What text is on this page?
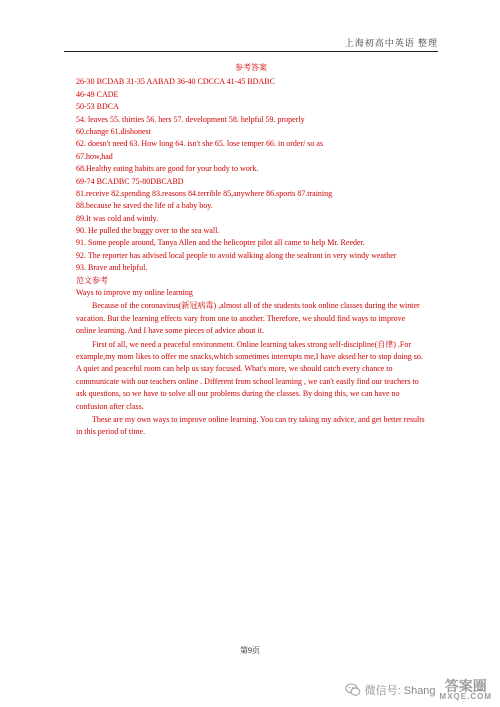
上海初高中英语 整理
参考答案
26-30 BCDAB 31-35 AABAD 36-40 CDCCA 41-45 BDABC
46-49 CADE
50-53 BDCA
54. leaves 55. thirties 56. hers 57. development 58. helpful 59. properly
60.change 61.dishonest
62. doesn't need 63. How long 64. isn't she 65. lose temper 66. in order/ so as
67.how,had
68.Healthy eating habits are good for your body to work.
69-74 BCADBC 75-80DBCABD
81.receive 82.spending 83.reasons 84.terrible 85,anywhere 86.sports 87.training
88.because he saved the life of a baby boy.
89.It was cold and windy.
90. He pulled the buggy over to the sea wall.
91. Some people around, Tanya Allen and the helicopter pilot all came to help Mr. Reeder.
92. The reporter has advised local people to avoid walking along the seafront in very windy weather
93. Brave and helpful.
范文参考
Ways to improve my online learning
Because of the coronavirus(新冠病毒) ,almost all of the students took online classes during the winter vacation. But the learning effects vary from one to another. Therefore, we should find ways to improve online learning. And I have some pieces of advice about it.
First of all, we need a peaceful environment. Online learning takes strong self-discipline(自律) .For example,my mom likes to offer me snacks,which sometimes interrupts me,I have aksed her to stop doing so. A quiet and peaceful room can help us stay focused. What's more, we should catch every chance to communicate with our teachers online . Different from school learning , we can't easily find our teachers to ask questions, so we have to solve all our problems during the classes. By doing this, we can have no confusion after class.
These are my own ways to improve online learning. You can try taking my advice, and get better results in this period of time.
第9页
微信号: Shang 答案圈
MXQE.COM
